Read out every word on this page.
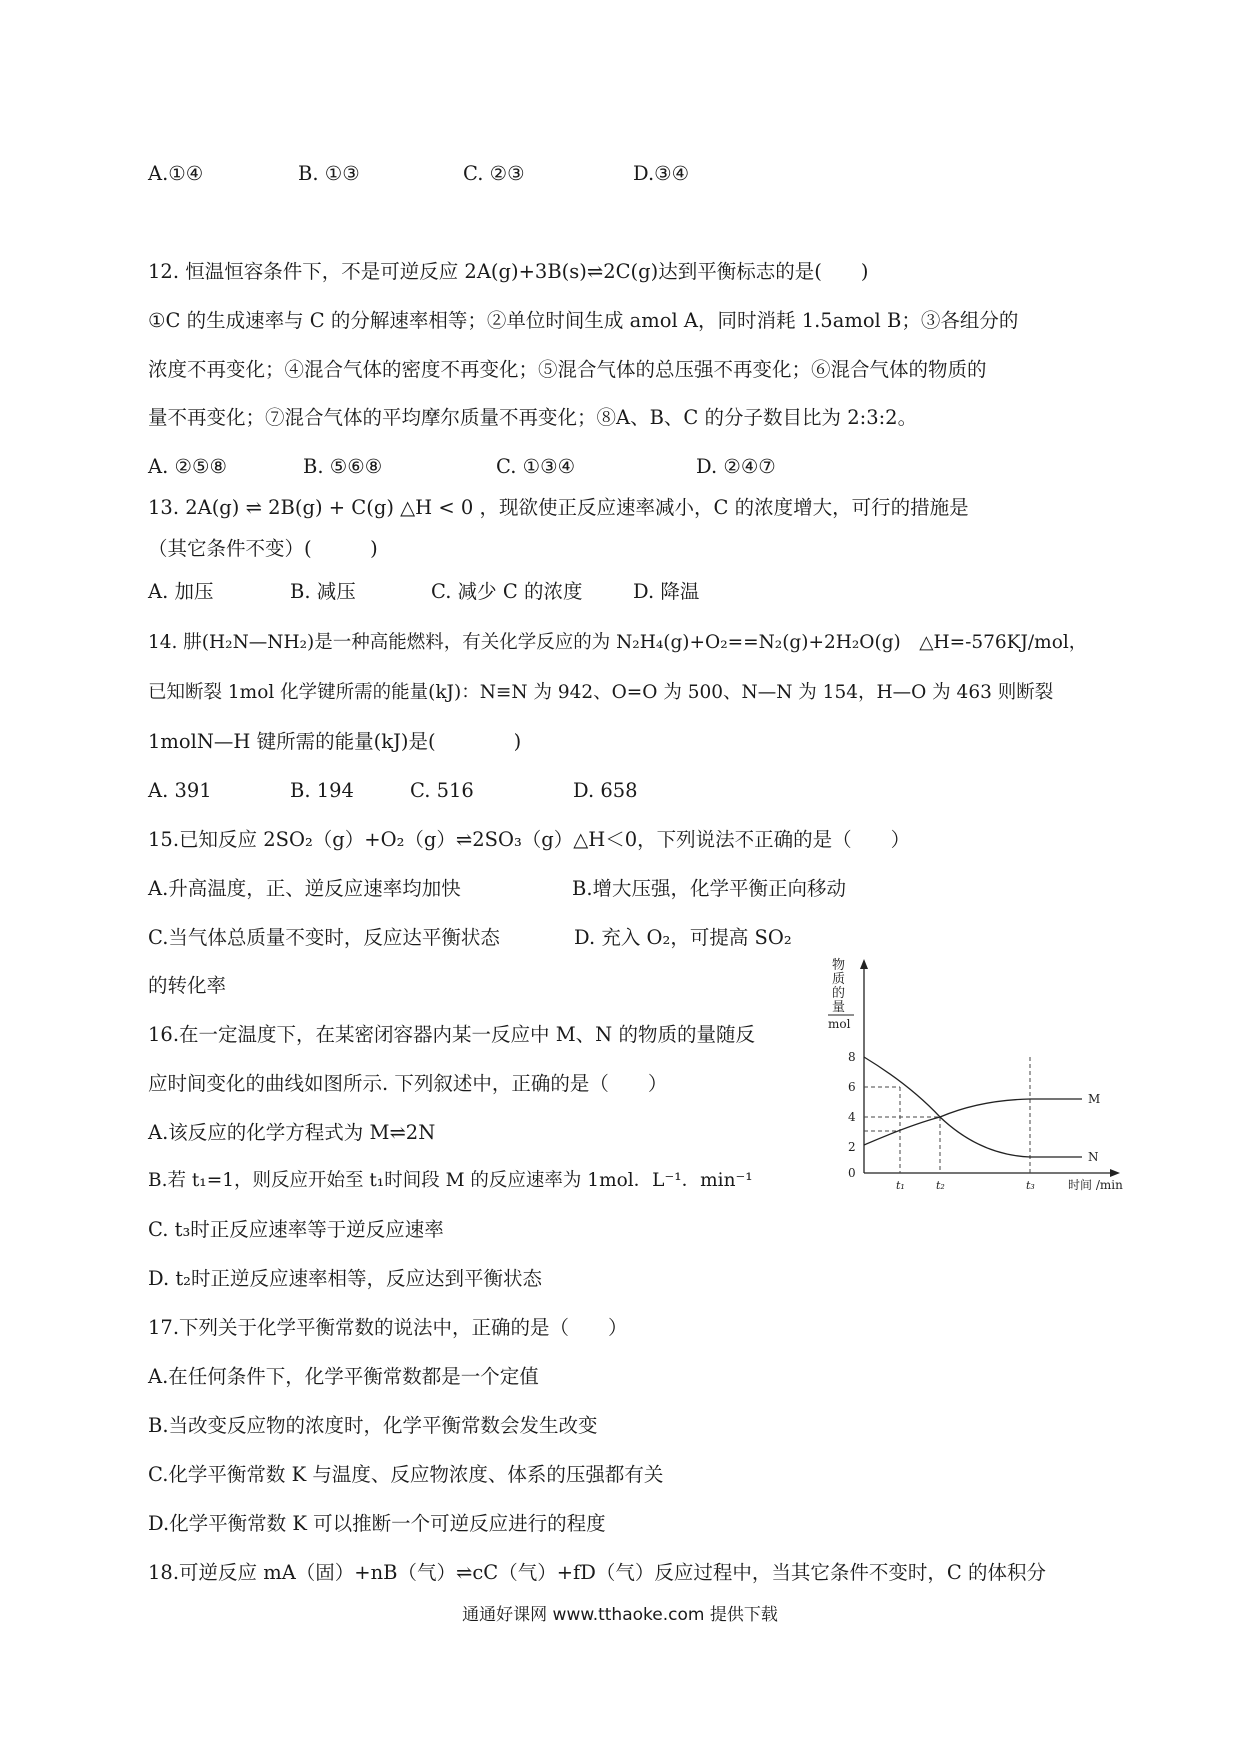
A.①④	B. ①③	C. ②③	D.③④
12. 恒温恒容条件下，不是可逆反应 2A(g)+3B(s)⇌2C(g)达到平衡标志的是(　　)
①C 的生成速率与 C 的分解速率相等；②单位时间生成 amol A，同时消耗 1.5amol B；③各组分的
浓度不再变化；④混合气体的密度不再变化；⑤混合气体的总压强不再变化；⑥混合气体的物质的
量不再变化；⑦混合气体的平均摩尔质量不再变化；⑧A、B、C 的分子数目比为 2:3:2。
A. ②⑤⑧	B. ⑤⑥⑧	C. ①③④	D. ②④⑦
13. 2A(g) ⇌ 2B(g) + C(g) △H < 0 ，现欲使正反应速率减小，C 的浓度增大，可行的措施是
（其它条件不变）(　　　)
A. 加压	B. 减压	C. 减少 C 的浓度	D. 降温
14. 肼(H₂N—NH₂)是一种高能燃料，有关化学反应的为 N₂H₄(g)+O₂==N₂(g)+2H₂O(g)　△H=-576KJ/mol，
已知断裂 1mol 化学键所需的能量(kJ)：N≡N 为 942、O=O 为 500、N—N 为 154，H—O 为 463 则断裂
1molN—H 键所需的能量(kJ)是(　　　　)
A. 391	B. 194	C. 516	D. 658
15.已知反应 2SO₂（g）+O₂（g）⇌2SO₃（g）△H＜0，下列说法不正确的是（　　）
A.升高温度，正、逆反应速率均加快	B.增大压强，化学平衡正向移动
C.当气体总质量不变时，反应达平衡状态	D. 充入 O₂，可提高 SO₂
的转化率
16.在一定温度下，在某密闭容器内某一反应中 M、N 的物质的量随反
应时间变化的曲线如图所示. 下列叙述中，正确的是（　　）
A.该反应的化学方程式为 M⇌2N
B.若 t₁=1，则反应开始至 t₁时间段 M 的反应速率为 1mol．L⁻¹．min⁻¹
C. t₃时正反应速率等于逆反应速率
D. t₂时正逆反应速率相等，反应达到平衡状态
物
质
的
量
mol
8
6
4
2
0
M
N
t₁	t₂	t₃	时间 /min
17.下列关于化学平衡常数的说法中，正确的是（　　）
A.在任何条件下，化学平衡常数都是一个定值
B.当改变反应物的浓度时，化学平衡常数会发生改变
C.化学平衡常数 K 与温度、反应物浓度、体系的压强都有关
D.化学平衡常数 K 可以推断一个可逆反应进行的程度
18.可逆反应 mA（固）+nB（气）⇌cC（气）+fD（气）反应过程中，当其它条件不变时，C 的体积分
通通好课网 www.tthaoke.com 提供下载
